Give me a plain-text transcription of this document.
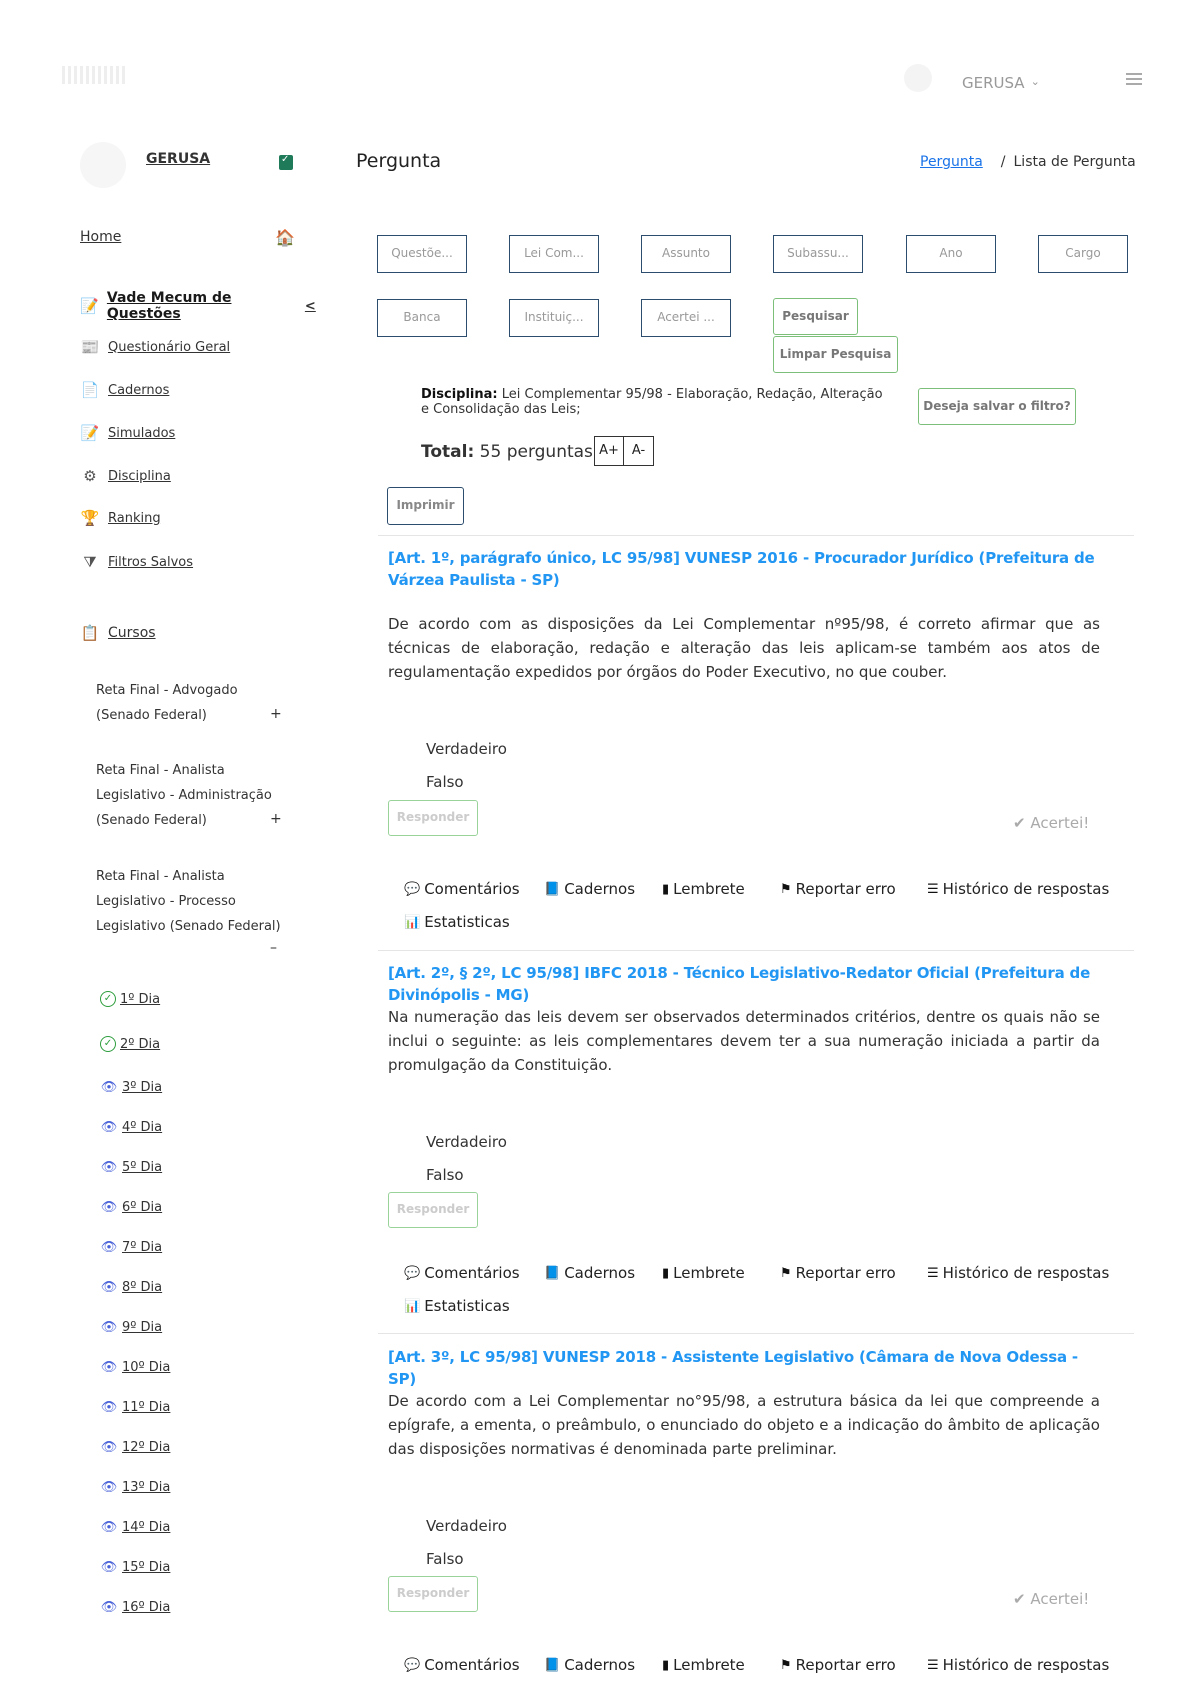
GERUSA ⌄
GERUSA
✓
Home	🏠
📝 Vade Mecum de Questões	<
📰 Questionário Geral
📄 Cadernos
📝 Simulados
⚙ Disciplina
🏆 Ranking
⧩ Filtros Salvos
📋 Cursos
Reta Final - Advogado
(Senado Federal)	+
Reta Final - Analista
Legislativo - Administração
(Senado Federal)	+
Reta Final - Analista
Legislativo - Processo
Legislativo (Senado Federal)
–
✓ 1º Dia
✓ 2º Dia
👁 3º Dia
👁 4º Dia
👁 5º Dia
👁 6º Dia
👁 7º Dia
👁 8º Dia
👁 9º Dia
👁 10º Dia
👁 11º Dia
👁 12º Dia
👁 13º Dia
👁 14º Dia
👁 15º Dia
👁 16º Dia
Pergunta	Pergunta / Lista de Pergunta
Questõe...	Lei Com...	Assunto	Subassu...	Ano	Cargo
Banca	Instituiç...	Acertei ...	Pesquisar
Limpar Pesquisa
Disciplina: Lei Complementar 95/98 - Elaboração, Redação, Alteração e Consolidação das Leis;	Deseja salvar o filtro?
Total: 55 perguntas A+ A-
Imprimir
[Art. 1º, parágrafo único, LC 95/98] VUNESP 2016 - Procurador Jurídico (Prefeitura de Várzea Paulista - SP)
De acordo com as disposições da Lei Complementar nº95/98, é correto afirmar que as técnicas de elaboração, redação e alteração das leis aplicam-se também aos atos de regulamentação expedidos por órgãos do Poder Executivo, no que couber.
Verdadeiro
Falso
Responder	✔ Acertei!
💬 Comentários 📘 Cadernos ▮ Lembrete	⚑ Reportar erro ☰ Histórico de respostas
📊 Estatisticas
[Art. 2º, § 2º, LC 95/98] IBFC 2018 - Técnico Legislativo-Redator Oficial (Prefeitura de Divinópolis - MG)
Na numeração das leis devem ser observados determinados critérios, dentre os quais não se inclui o seguinte: as leis complementares devem ter a sua numeração iniciada a partir da promulgação da Constituição.
Verdadeiro
Falso
Responder
💬 Comentários 📘 Cadernos ▮ Lembrete	⚑ Reportar erro ☰ Histórico de respostas
📊 Estatisticas
[Art. 3º, LC 95/98] VUNESP 2018 - Assistente Legislativo (Câmara de Nova Odessa - SP)
De acordo com a Lei Complementar no°95/98, a estrutura básica da lei que compreende a epígrafe, a ementa, o preâmbulo, o enunciado do objeto e a indicação do âmbito de aplicação das disposições normativas é denominada parte preliminar.
Verdadeiro
Falso
Responder	✔ Acertei!
💬 Comentários 📘 Cadernos ▮ Lembrete	⚑ Reportar erro ☰ Histórico de respostas
